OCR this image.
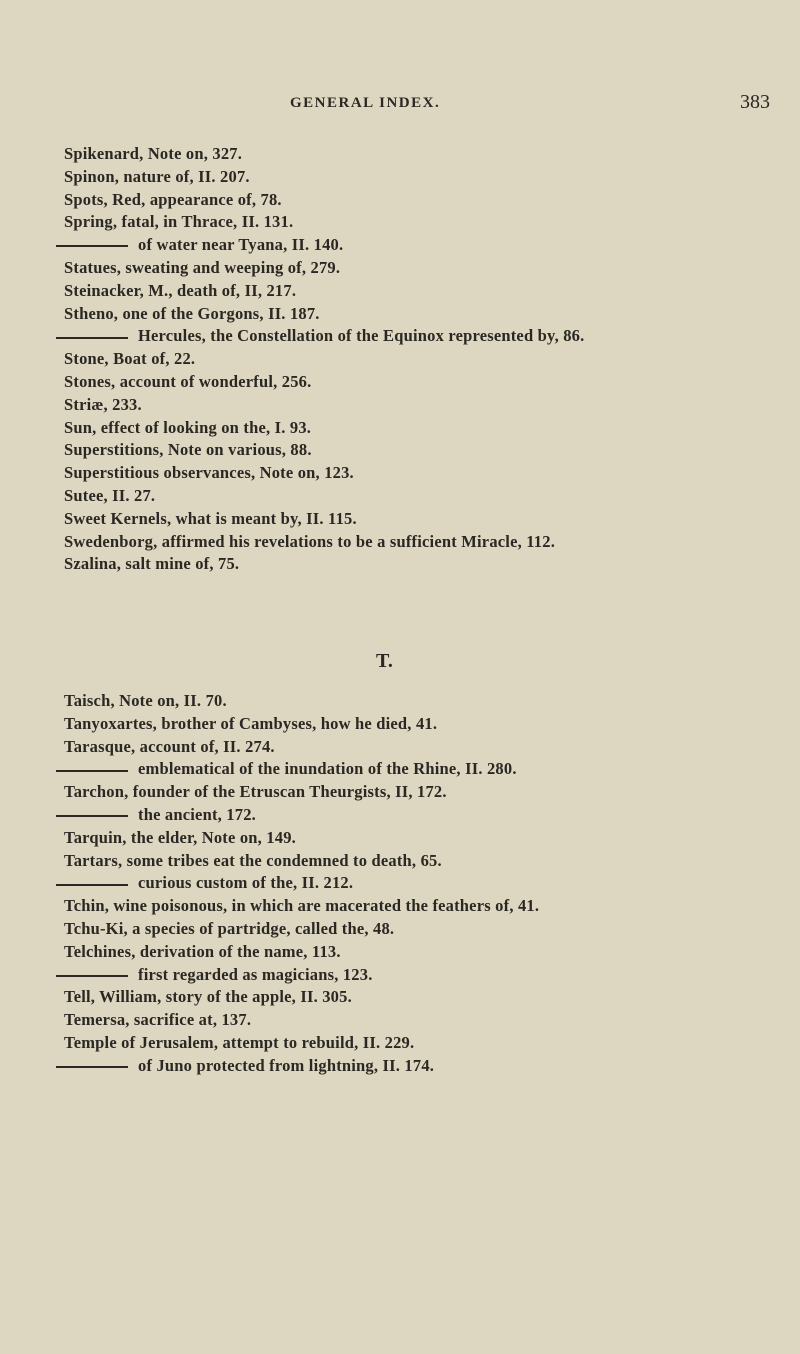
GENERAL INDEX.	383
Spikenard, Note on, 327.
Spinon, nature of, II. 207.
Spots, Red, appearance of, 78.
Spring, fatal, in Thrace, II. 131.
of water near Tyana, II. 140.
Statues, sweating and weeping of, 279.
Steinacker, M., death of, II, 217.
Stheno, one of the Gorgons, II. 187.
Hercules, the Constellation of the Equinox represented by, 86.
Stone, Boat of, 22.
Stones, account of wonderful, 256.
Striæ, 233.
Sun, effect of looking on the, I. 93.
Superstitions, Note on various, 88.
Superstitious observances, Note on, 123.
Sutee, II. 27.
Sweet Kernels, what is meant by, II. 115.
Swedenborg, affirmed his revelations to be a sufficient Miracle, 112.
Szalina, salt mine of, 75.
T.
Taisch, Note on, II. 70.
Tanyoxartes, brother of Cambyses, how he died, 41.
Tarasque, account of, II. 274.
emblematical of the inundation of the Rhine, II. 280.
Tarchon, founder of the Etruscan Theurgists, II, 172.
the ancient, 172.
Tarquin, the elder, Note on, 149.
Tartars, some tribes eat the condemned to death, 65.
curious custom of the, II. 212.
Tchin, wine poisonous, in which are macerated the feathers of, 41.
Tchu-Ki, a species of partridge, called the, 48.
Telchines, derivation of the name, 113.
first regarded as magicians, 123.
Tell, William, story of the apple, II. 305.
Temersa, sacrifice at, 137.
Temple of Jerusalem, attempt to rebuild, II. 229.
of Juno protected from lightning, II. 174.
